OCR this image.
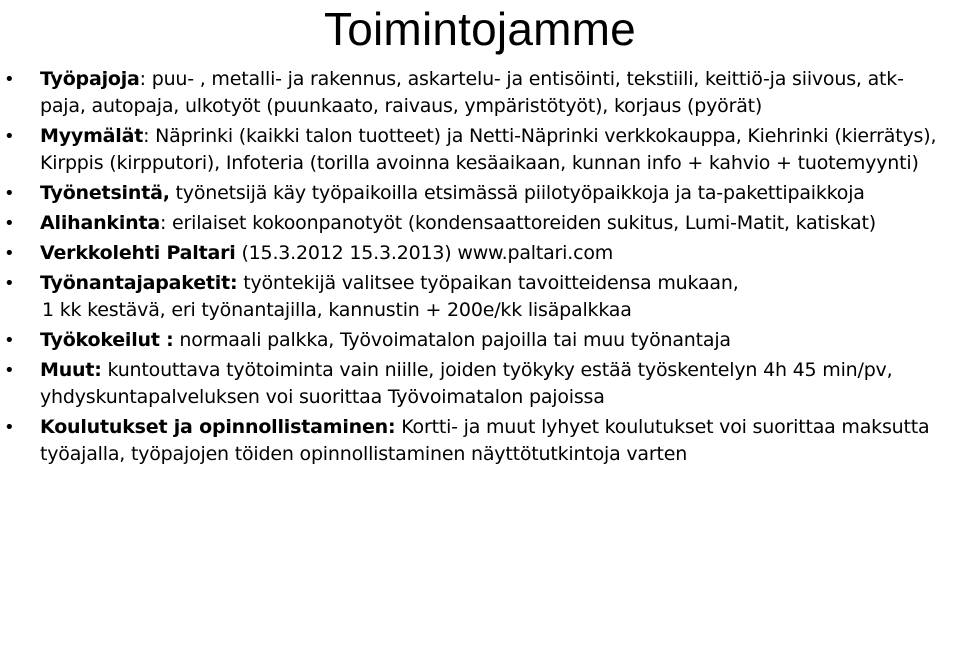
Toimintojamme
• Työpajoja: puu- , metalli- ja rakennus, askartelu- ja entisöinti, tekstiili, keittiö-ja siivous, atk-paja, autopaja, ulkotyöt (puunkaato, raivaus, ympäristötyöt), korjaus (pyörät)
• Myymälät: Näprinki (kaikki talon tuotteet) ja Netti-Näprinki verkkokauppa, Kiehrinki (kierrätys), Kirppis (kirpputori), Infoteria (torilla avoinna kesäaikaan, kunnan info + kahvio + tuotemyynti)
• Työnetsintä, työnetsijä käy työpaikoilla etsimässä piilotyöpaikkoja ja ta-pakettipaikkoja
• Alihankinta: erilaiset kokoonpanotyöt (kondensaattoreiden sukitus, Lumi-Matit, katiskat)
• Verkkolehti Paltari (15.3.2012 15.3.2013) www.paltari.com
• Työnantajapaketit: työntekijä valitsee työpaikan tavoitteidensa mukaan,
1 kk kestävä, eri työnantajilla, kannustin + 200e/kk lisäpalkkaa
• Työkokeilut : normaali palkka, Työvoimatalon pajoilla tai muu työnantaja
• Muut: kuntouttava työtoiminta vain niille, joiden työkyky estää työskentelyn 4h 45 min/pv, yhdyskuntapalveluksen voi suorittaa Työvoimatalon pajoissa
• Koulutukset ja opinnollistaminen: Kortti- ja muut lyhyet koulutukset voi suorittaa maksutta työajalla, työpajojen töiden opinnollistaminen näyttötutkintoja varten
